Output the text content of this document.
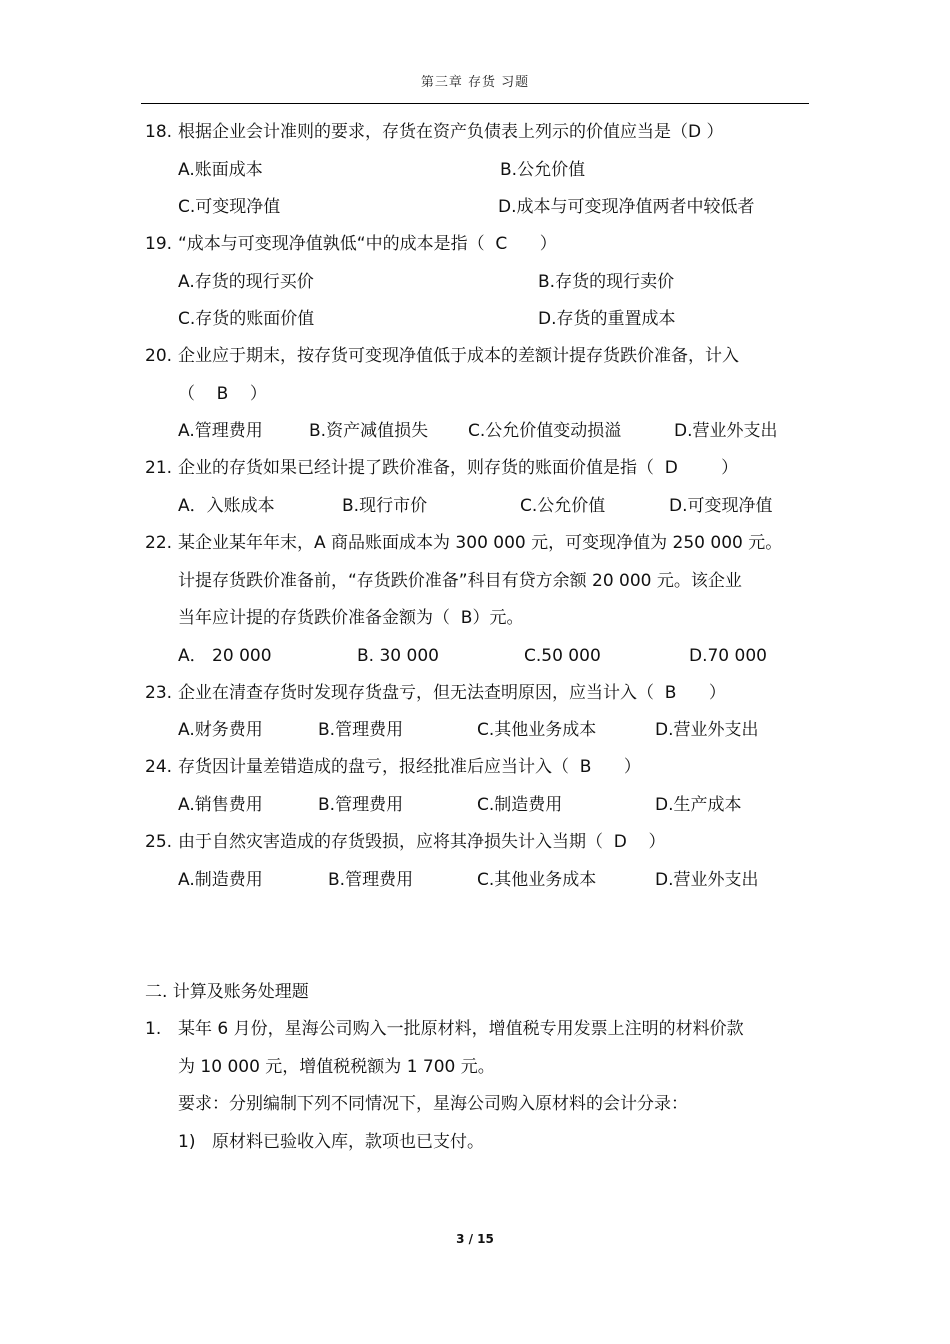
第三章 存货 习题
18. 根据企业会计准则的要求，存货在资产负债表上列示的价值应当是（D ）
A.账面成本	B.公允价值
C.可变现净值	D.成本与可变现净值两者中较低者
19. “成本与可变现净值孰低“中的成本是指（  C      ）
A.存货的现行买价	B.存货的现行卖价
C.存货的账面价值	D.存货的重置成本
20. 企业应于期末，按存货可变现净值低于成本的差额计提存货跌价准备，计入
（    B    ）
A.管理费用	B.资产减值损失 C.公允价值变动损溢	D.营业外支出
21. 企业的存货如果已经计提了跌价准备，则存货的账面价值是指（  D        ）
A．入账成本	B.现行市价	C.公允价值	D.可变现净值
22. 某企业某年年末，A 商品账面成本为 300 000 元，可变现净值为 250 000 元。
计提存货跌价准备前，“存货跌价准备”科目有贷方余额 20 000 元。该企业
当年应计提的存货跌价准备金额为（  B）元。
A． 20 000	B. 30 000	C.50 000	D.70 000
23. 企业在清查存货时发现存货盘亏，但无法查明原因，应当计入（  B      ）
A.财务费用	B.管理费用	C.其他业务成本	D.营业外支出
24. 存货因计量差错造成的盘亏，报经批准后应当计入（  B      ）
A.销售费用	B.管理费用	C.制造费用	D.生产成本
25. 由于自然灾害造成的存货毁损，应将其净损失计入当期（  D    ）
A.制造费用	B.管理费用	C.其他业务成本	D.营业外支出
二. 计算及账务处理题
1. 某年 6 月份，星海公司购入一批原材料，增值税专用发票上注明的材料价款
为 10 000 元，增值税税额为 1 700 元。
要求：分别编制下列不同情况下，星海公司购入原材料的会计分录：
1) 原材料已验收入库，款项也已支付。
3 / 15
